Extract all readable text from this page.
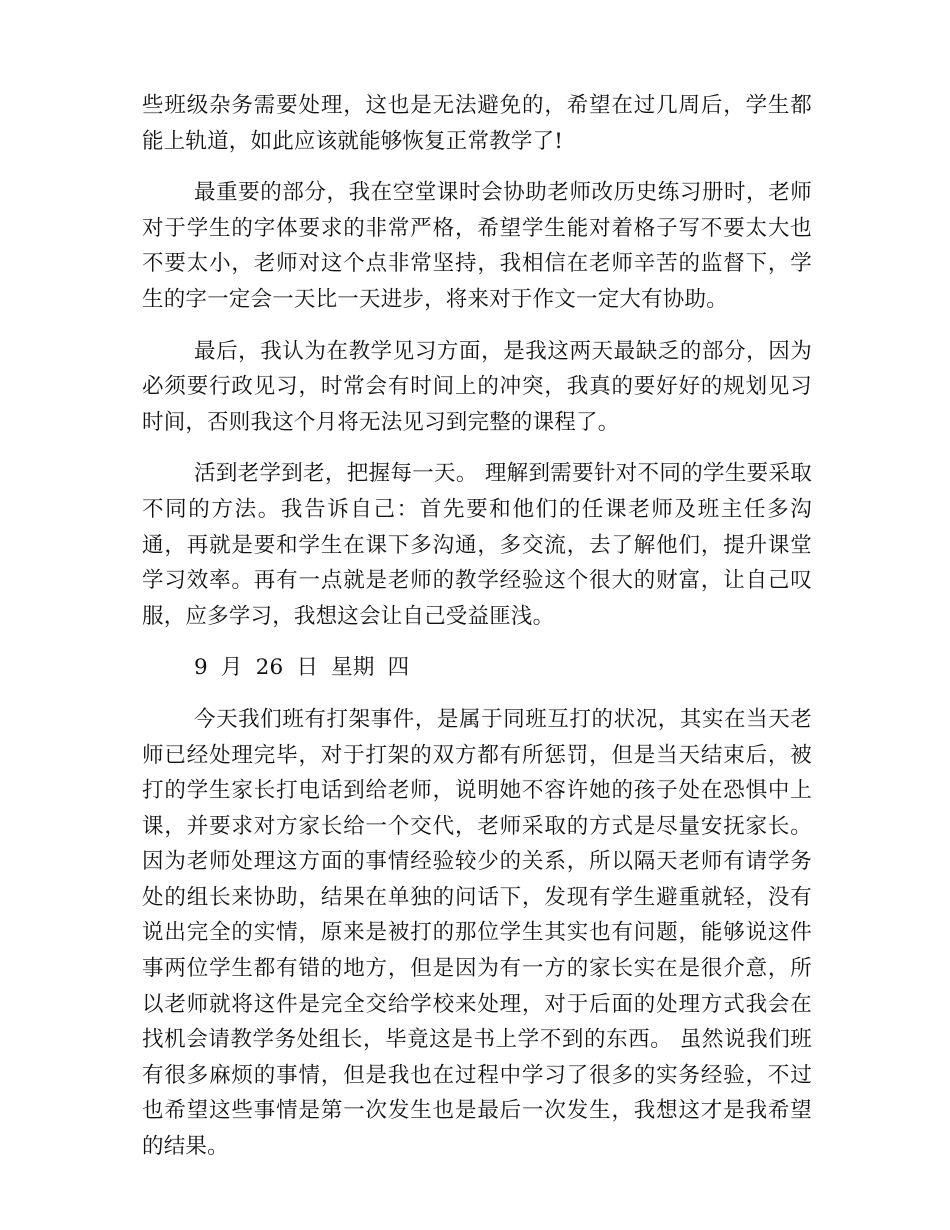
些班级杂务需要处理，这也是无法避免的，希望在过几周后，学生都能上轨道，如此应该就能够恢复正常教学了!

最重要的部分，我在空堂课时会协助老师改历史练习册时，老师对于学生的字体要求的非常严格，希望学生能对着格子写不要太大也不要太小，老师对这个点非常坚持，我相信在老师辛苦的监督下，学生的字一定会一天比一天进步，将来对于作文一定大有协助。

最后，我认为在教学见习方面，是我这两天最缺乏的部分，因为必须要行政见习，时常会有时间上的冲突，我真的要好好的规划见习时间，否则我这个月将无法见习到完整的课程了。

活到老学到老，把握每一天。 理解到需要针对不同的学生要采取不同的方法。我告诉自己：首先要和他们的任课老师及班主任多沟通，再就是要和学生在课下多沟通，多交流，去了解他们，提升课堂学习效率。再有一点就是老师的教学经验这个很大的财富，让自己叹服，应多学习，我想这会让自己受益匪浅。

9 月 26 日 星期 四

今天我们班有打架事件，是属于同班互打的状况，其实在当天老师已经处理完毕，对于打架的双方都有所惩罚，但是当天结束后，被打的学生家长打电话到给老师，说明她不容许她的孩子处在恐惧中上课，并要求对方家长给一个交代，老师采取的方式是尽量安抚家长。因为老师处理这方面的事情经验较少的关系，所以隔天老师有请学务处的组长来协助，结果在单独的问话下，发现有学生避重就轻，没有说出完全的实情，原来是被打的那位学生其实也有问题，能够说这件事两位学生都有错的地方，但是因为有一方的家长实在是很介意，所以老师就将这件是完全交给学校来处理，对于后面的处理方式我会在找机会请教学务处组长，毕竟这是书上学不到的东西。 虽然说我们班有很多麻烦的事情，但是我也在过程中学习了很多的实务经验，不过也希望这些事情是第一次发生也是最后一次发生，我想这才是我希望的结果。
